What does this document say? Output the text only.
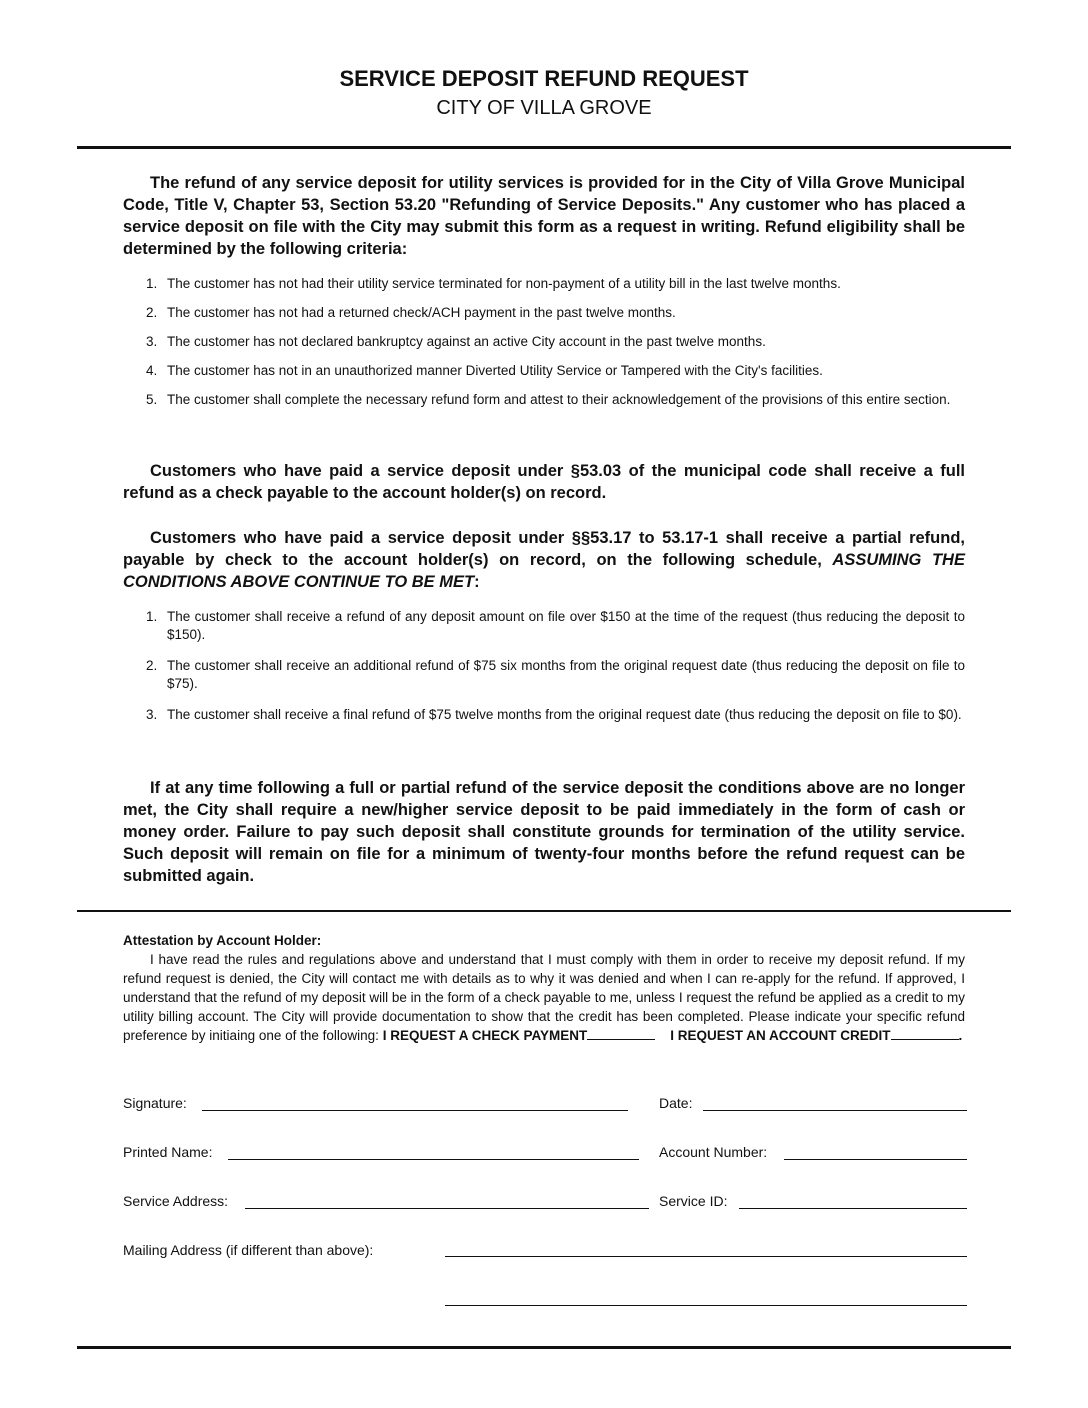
SERVICE DEPOSIT REFUND REQUEST
CITY OF VILLA GROVE

The refund of any service deposit for utility services is provided for in the City of Villa Grove Municipal Code, Title V, Chapter 53, Section 53.20 "Refunding of Service Deposits." Any customer who has placed a service deposit on file with the City may submit this form as a request in writing. Refund eligibility shall be determined by the following criteria:

1. The customer has not had their utility service terminated for non-payment of a utility bill in the last twelve months.
2. The customer has not had a returned check/ACH payment in the past twelve months.
3. The customer has not declared bankruptcy against an active City account in the past twelve months.
4. The customer has not in an unauthorized manner Diverted Utility Service or Tampered with the City's facilities.
5. The customer shall complete the necessary refund form and attest to their acknowledgement of the provisions of this entire section.

Customers who have paid a service deposit under §53.03 of the municipal code shall receive a full refund as a check payable to the account holder(s) on record.

Customers who have paid a service deposit under §§53.17 to 53.17-1 shall receive a partial refund, payable by check to the account holder(s) on record, on the following schedule, ASSUMING THE CONDITIONS ABOVE CONTINUE TO BE MET:

1. The customer shall receive a refund of any deposit amount on file over $150 at the time of the request (thus reducing the deposit to $150).
2. The customer shall receive an additional refund of $75 six months from the original request date (thus reducing the deposit on file to $75).
3. The customer shall receive a final refund of $75 twelve months from the original request date (thus reducing the deposit on file to $0).

If at any time following a full or partial refund of the service deposit the conditions above are no longer met, the City shall require a new/higher service deposit to be paid immediately in the form of cash or money order. Failure to pay such deposit shall constitute grounds for termination of the utility service. Such deposit will remain on file for a minimum of twenty-four months before the refund request can be submitted again.

Attestation by Account Holder:

I have read the rules and regulations above and understand that I must comply with them in order to receive my deposit refund. If my refund request is denied, the City will contact me with details as to why it was denied and when I can re-apply for the refund. If approved, I understand that the refund of my deposit will be in the form of a check payable to me, unless I request the refund be applied as a credit to my utility billing account. The City will provide documentation to show that the credit has been completed. Please indicate your specific refund preference by initiaing one of the following: I REQUEST A CHECK PAYMENT	I REQUEST AN ACCOUNT CREDIT	.

Signature:	Date:
Printed Name:	Account Number:
Service Address:	Service ID:
Mailing Address (if different than above):
